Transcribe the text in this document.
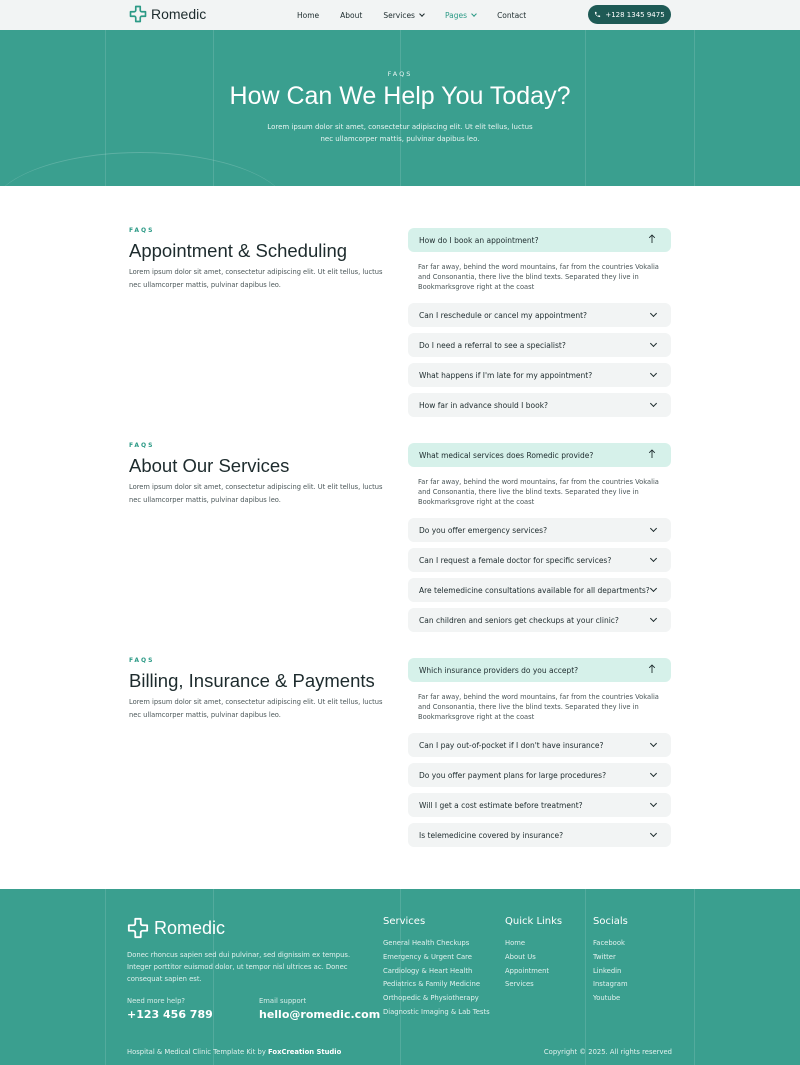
Romedic	Home	About	Services	Pages	Contact	+128 1345 9475
FAQS
How Can We Help You Today?
Lorem ipsum dolor sit amet, consectetur adipiscing elit. Ut elit tellus, luctus nec ullamcorper mattis, pulvinar dapibus leo.
FAQS
Appointment & Scheduling
Lorem ipsum dolor sit amet, consectetur adipiscing elit. Ut elit tellus, luctus nec ullamcorper mattis, pulvinar dapibus leo.
How do I book an appointment?
Far far away, behind the word mountains, far from the countries Vokalia and Consonantia, there live the blind texts. Separated they live in Bookmarksgrove right at the coast
Can I reschedule or cancel my appointment?
Do I need a referral to see a specialist?
What happens if I'm late for my appointment?
How far in advance should I book?
FAQS
About Our Services
Lorem ipsum dolor sit amet, consectetur adipiscing elit. Ut elit tellus, luctus nec ullamcorper mattis, pulvinar dapibus leo.
What medical services does Romedic provide?
Far far away, behind the word mountains, far from the countries Vokalia and Consonantia, there live the blind texts. Separated they live in Bookmarksgrove right at the coast
Do you offer emergency services?
Can I request a female doctor for specific services?
Are telemedicine consultations available for all departments?
Can children and seniors get checkups at your clinic?
FAQS
Billing, Insurance & Payments
Lorem ipsum dolor sit amet, consectetur adipiscing elit. Ut elit tellus, luctus nec ullamcorper mattis, pulvinar dapibus leo.
Which insurance providers do you accept?
Far far away, behind the word mountains, far from the countries Vokalia and Consonantia, there live the blind texts. Separated they live in Bookmarksgrove right at the coast
Can I pay out-of-pocket if I don't have insurance?
Do you offer payment plans for large procedures?
Will I get a cost estimate before treatment?
Is telemedicine covered by insurance?
Romedic
Donec rhoncus sapien sed dui pulvinar, sed dignissim ex tempus. Integer porttitor euismod dolor, ut tempor nisl ultrices ac. Donec consequat sapien est.
Need more help?
+123 456 789
Email support
hello@romedic.com
Services
General Health Checkups
Emergency & Urgent Care
Cardiology & Heart Health
Pediatrics & Family Medicine
Orthopedic & Physiotherapy
Diagnostic Imaging & Lab Tests
Quick Links
Home
About Us
Appointment
Services
Socials
Facebook
Twitter
Linkedin
Instagram
Youtube
Hospital & Medical Clinic Template Kit by FoxCreation Studio	Copyright © 2025. All rights reserved
